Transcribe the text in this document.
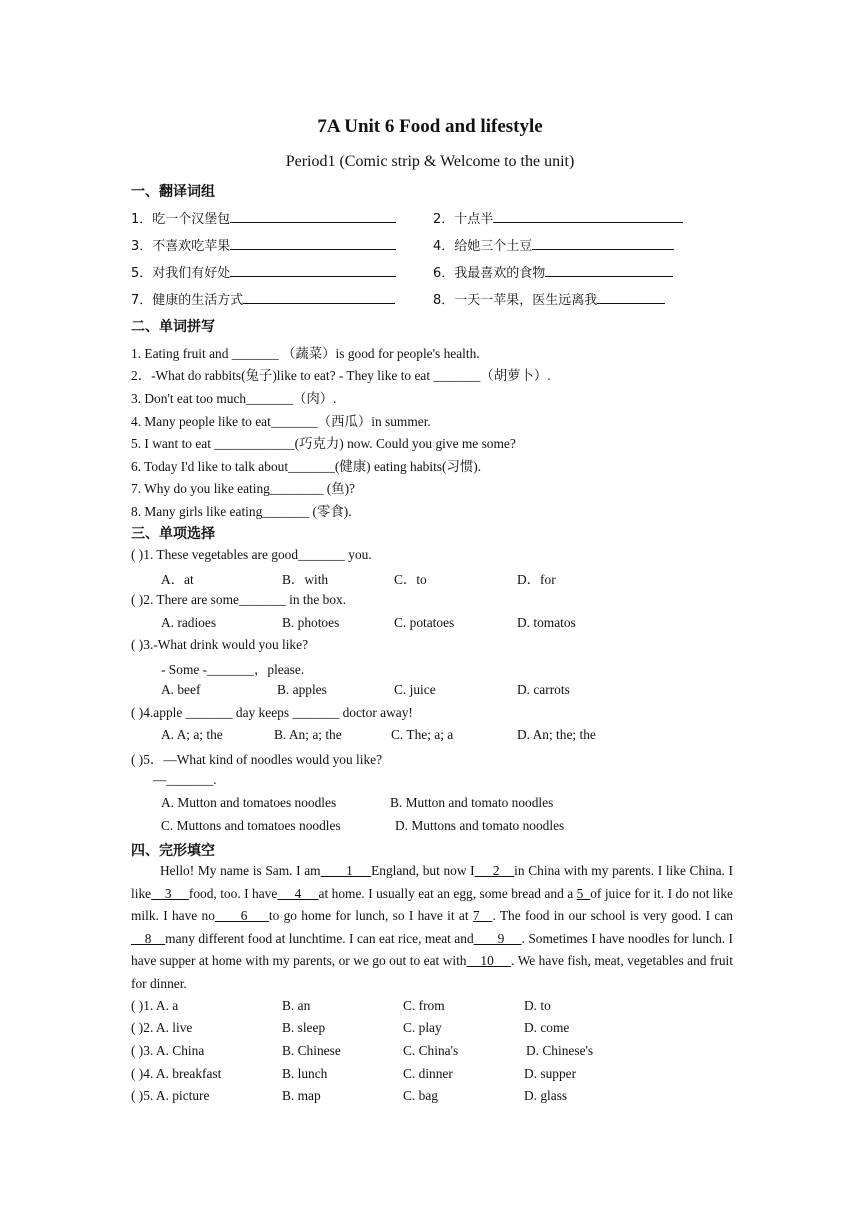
7A Unit 6 Food and lifestyle
Period1 (Comic strip & Welcome to the unit)
一、翻译词组
1．吃一个汉堡包	2．十点半
3．不喜欢吃苹果	4．给她三个土豆
5．对我们有好处	6．我最喜欢的食物
7．健康的生活方式	8．一天一苹果，医生远离我
二、单词拼写
1. Eating fruit and _______ （蔬菜）is good for people's health.
2．-What do rabbits(兔子)like to eat? - They like to eat _______（胡萝卜）.
3. Don't eat too much_______（肉）.
4. Many people like to eat_______（西瓜）in summer.
5. I want to eat ____________(巧克力) now. Could you give me some?
6. Today I'd like to talk about_______(健康) eating habits(习惯).
7. Why do you like eating________ (鱼)?
8. Many girls like eating_______ (零食).
三、单项选择
( )1. These vegetables are good_______ you.
A．at	B．with	C．to	D．for
( )2. There are some_______ in the box.
A. radioes	B. photoes	C. potatoes	D. tomatos
( )3.-What drink would you like?
- Some -_______，please.
A. beef	B. apples	C. juice	D. carrots
( )4.apple _______ day keeps _______ doctor away!
A. A; a; the	B. An; a; the	C. The; a; a	D. An; the; the
( )5．—What kind of noodles would you like?
—_______.
A. Mutton and tomatoes noodles	B. Mutton and tomato noodles
C. Muttons and tomatoes noodles	D. Muttons and tomato noodles
四、完形填空
Hello! My name is Sam. I am       1     England, but now I     2    in China with my parents. I like China. I like    3     food, too. I have     4     at home. I usually eat an egg, some bread and a 5  of juice for it. I do not like milk. I have no      6     to go home for lunch, so I have it at 7   . The food in our school is very good. I can    8    many different food at lunchtime. I can eat rice, meat and       9     . Sometimes I have noodles for lunch. I have supper at home with my parents, or we go out to eat with    10     . We have fish, meat, vegetables and fruit for dinner.
( )1. A. a	B. an	C. from	D. to
( )2. A. live	B. sleep	C. play	D. come
( )3. A. China	B. Chinese	C. China's	D. Chinese's
( )4. A. breakfast	B. lunch	C. dinner	D. supper
( )5. A. picture	B. map	C. bag	D. glass
